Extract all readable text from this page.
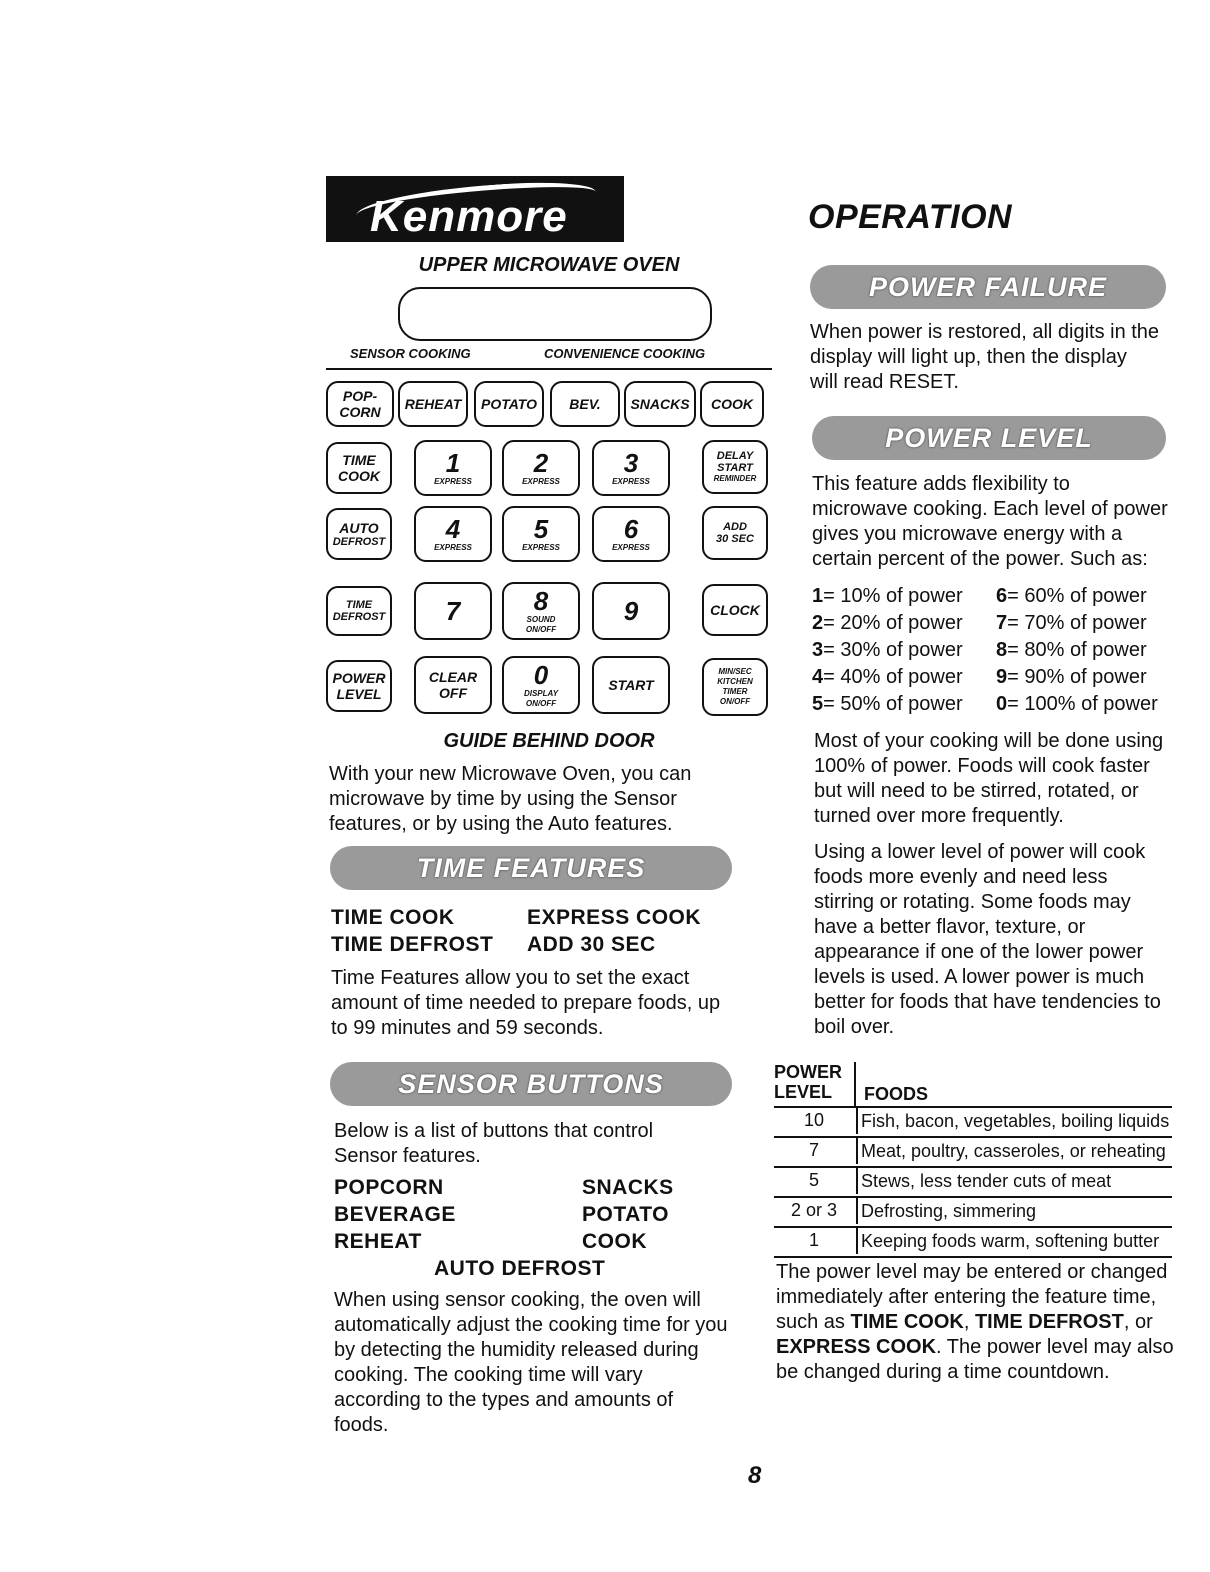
Kenmore
UPPER MICROWAVE OVEN
SENSOR COOKING	CONVENIENCE COOKING
POP-
CORN	REHEAT	POTATO	BEV.	SNACKS	COOK
TIME
COOK	1
EXPRESS
2
EXPRESS
3
EXPRESS
DELAY
START
REMINDER
AUTO
DEFROST 4
EXPRESS
5
EXPRESS
6
EXPRESS
ADD
30 SEC
TIME
DEFROST 7	8
SOUND
ON/OFF
9	CLOCK
POWER
LEVEL
CLEAR
OFF
0
DISPLAY
ON/OFF
START
MIN/SEC
KITCHEN
TIMER
ON/OFF
GUIDE BEHIND DOOR
With your new Microwave Oven, you can microwave by time by using the Sensor features, or by using the Auto features.
TIME FEATURES
TIME COOK	EXPRESS COOK
TIME DEFROST ADD 30 SEC
Time Features allow you to set the exact amount of time needed to prepare foods, up to 99 minutes and 59 seconds.
SENSOR BUTTONS
Below is a list of buttons that control Sensor features.
POPCORN	SNACKS
BEVERAGE	POTATO
REHEAT	COOK
AUTO DEFROST
When using sensor cooking, the oven will automatically adjust the cooking time for you by detecting the humidity released during cooking. The cooking time will vary according to the types and amounts of foods.
OPERATION
POWER FAILURE
When power is restored, all digits in the display will light up, then the display will read RESET.
POWER LEVEL
This feature adds flexibility to microwave cooking. Each level of power gives you microwave energy with a certain percent of the power. Such as:
1= 10% of power 6= 60% of power
2= 20% of power 7= 70% of power
3= 30% of power 8= 80% of power
4= 40% of power 9= 90% of power
5= 50% of power 0= 100% of power
Most of your cooking will be done using 100% of power. Foods will cook faster but will need to be stirred, rotated, or turned over more frequently.
Using a lower level of power will cook foods more evenly and need less stirring or rotating. Some foods may have a better flavor, texture, or appearance if one of the lower power levels is used. A lower power is much better for foods that have tendencies to boil over.
POWER
LEVEL	FOODS
10	Fish, bacon, vegetables, boiling liquids
7	Meat, poultry, casseroles, or reheating
5	Stews, less tender cuts of meat
2 or 3	Defrosting, simmering
1	Keeping foods warm, softening butter
The power level may be entered or changed immediately after entering the feature time, such as TIME COOK, TIME DEFROST, or EXPRESS COOK. The power level may also be changed during a time countdown.
8
